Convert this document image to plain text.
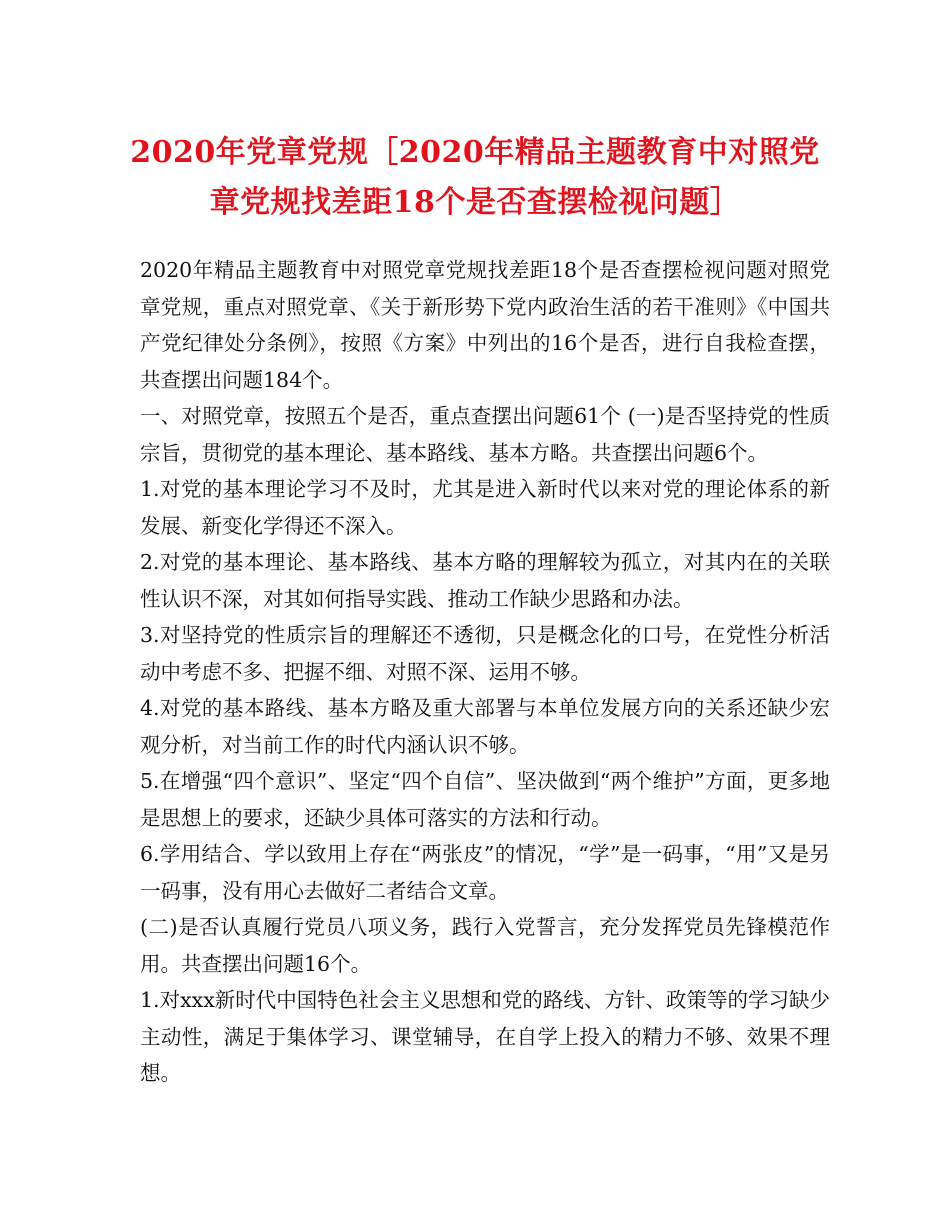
2020年党章党规［2020年精品主题教育中对照党章党规找差距18个是否查摆检视问题］

2020年精品主题教育中对照党章党规找差距18个是否查摆检视问题对照党章党规，重点对照党章、《关于新形势下党内政治生活的若干准则》《中国共产党纪律处分条例》，按照《方案》中列出的16个是否，进行自我检查摆，共查摆出问题184个。

一、对照党章，按照五个是否，重点查摆出问题61个 (一)是否坚持党的性质宗旨，贯彻党的基本理论、基本路线、基本方略。共查摆出问题6个。

1.对党的基本理论学习不及时，尤其是进入新时代以来对党的理论体系的新发展、新变化学得还不深入。

2.对党的基本理论、基本路线、基本方略的理解较为孤立，对其内在的关联性认识不深，对其如何指导实践、推动工作缺少思路和办法。

3.对坚持党的性质宗旨的理解还不透彻，只是概念化的口号，在党性分析活动中考虑不多、把握不细、对照不深、运用不够。

4.对党的基本路线、基本方略及重大部署与本单位发展方向的关系还缺少宏观分析，对当前工作的时代内涵认识不够。

5.在增强“四个意识”、坚定“四个自信”、坚决做到“两个维护”方面，更多地是思想上的要求，还缺少具体可落实的方法和行动。

6.学用结合、学以致用上存在“两张皮”的情况，“学”是一码事，“用”又是另一码事，没有用心去做好二者结合文章。

(二)是否认真履行党员八项义务，践行入党誓言，充分发挥党员先锋模范作用。共查摆出问题16个。

1.对xxx新时代中国特色社会主义思想和党的路线、方针、政策等的学习缺少主动性，满足于集体学习、课堂辅导，在自学上投入的精力不够、效果不理想。
